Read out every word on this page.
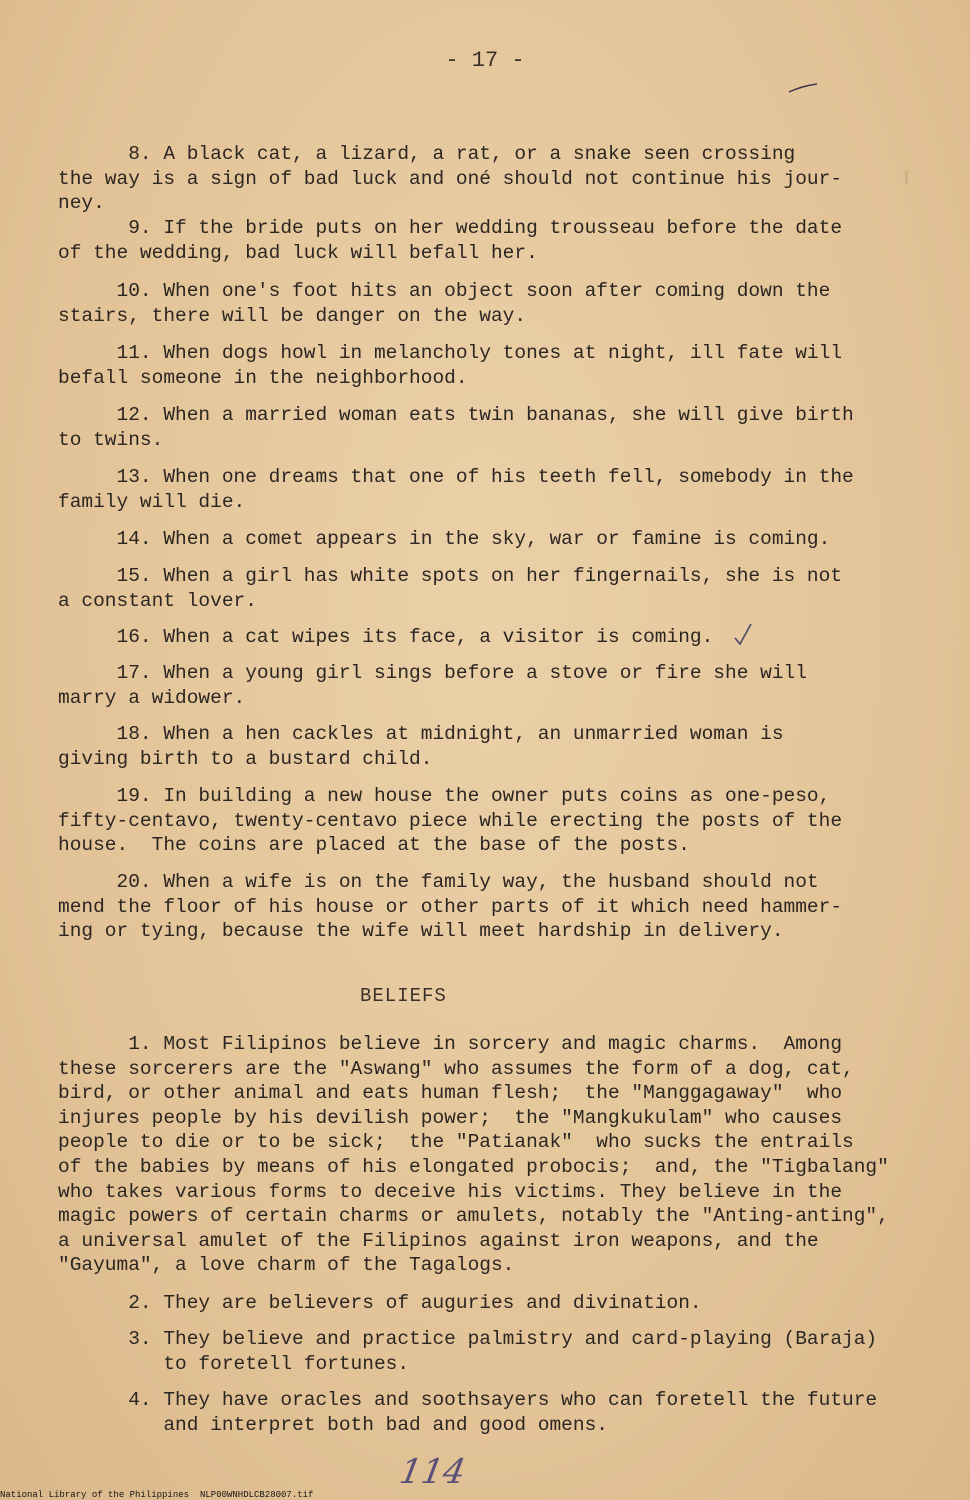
- 17 -
8. A black cat, a lizard, a rat, or a snake seen crossing
the way is a sign of bad luck and oné should not continue his jour-
ney.
9. If the bride puts on her wedding trousseau before the date
of the wedding, bad luck will befall her.
10. When one's foot hits an object soon after coming down the
stairs, there will be danger on the way.
11. When dogs howl in melancholy tones at night, ill fate will
befall someone in the neighborhood.
12. When a married woman eats twin bananas, she will give birth
to twins.
13. When one dreams that one of his teeth fell, somebody in the
family will die.
14. When a comet appears in the sky, war or famine is coming.
15. When a girl has white spots on her fingernails, she is not
a constant lover.
16. When a cat wipes its face, a visitor is coming.
17. When a young girl sings before a stove or fire she will
marry a widower.
18. When a hen cackles at midnight, an unmarried woman is
giving birth to a bustard child.
19. In building a new house the owner puts coins as one-peso,
fifty-centavo, twenty-centavo piece while erecting the posts of the
house.  The coins are placed at the base of the posts.
20. When a wife is on the family way, the husband should not
mend the floor of his house or other parts of it which need hammer-
ing or tying, because the wife will meet hardship in delivery.
BELIEFS
1. Most Filipinos believe in sorcery and magic charms.  Among
these sorcerers are the "Aswang" who assumes the form of a dog, cat,
bird, or other animal and eats human flesh;  the "Manggagaway"  who
injures people by his devilish power;  the "Mangkukulam" who causes
people to die or to be sick;  the "Patianak"  who sucks the entrails
of the babies by means of his elongated probocis;  and, the "Tigbalang"
who takes various forms to deceive his victims. They believe in the
magic powers of certain charms or amulets, notably the "Anting-anting",
a universal amulet of the Filipinos against iron weapons, and the
"Gayuma", a love charm of the Tagalogs.
2. They are believers of auguries and divination.
3. They believe and practice palmistry and card-playing (Baraja)
to foretell fortunes.
4. They have oracles and soothsayers who can foretell the future
and interpret both bad and good omens.
114
National Library of the Philippines NLP00WNHDLCB28007.tif
